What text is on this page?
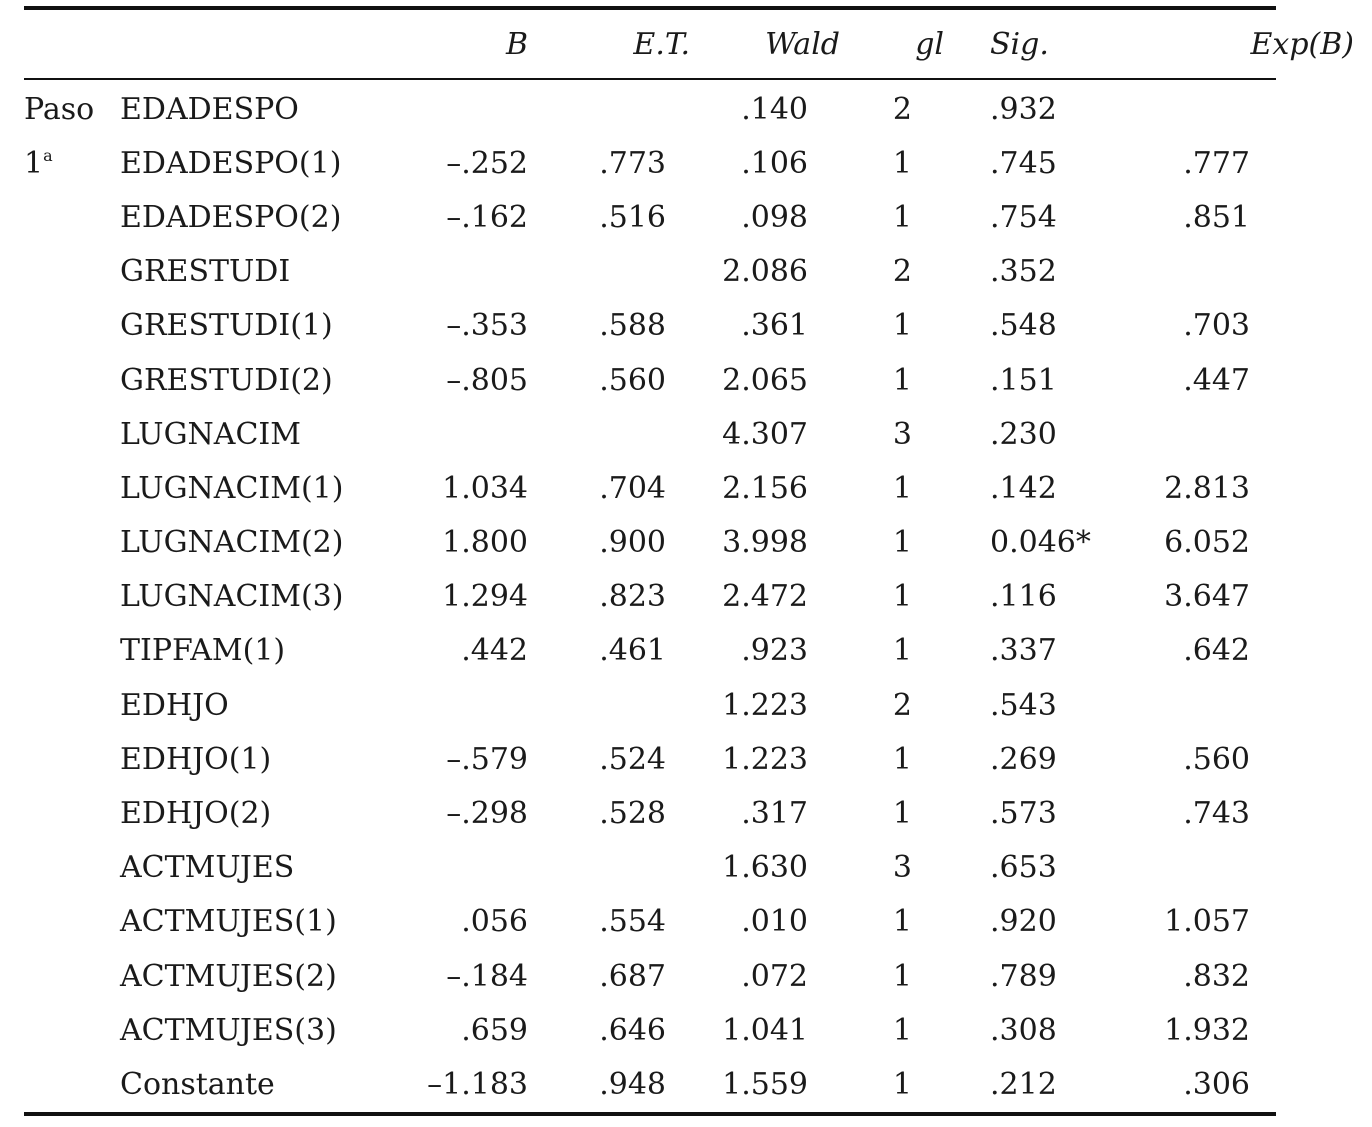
		B	E.T.	Wald	gl	Sig.	Exp(B)
Paso	EDADESPO			.140	2	.932	
1$^a$	EDADESPO(1)	–.252	.773	.106	1	.745	.777
	EDADESPO(2)	–.162	.516	.098	1	.754	.851
	GRESTUDI			2.086	2	.352	
	GRESTUDI(1)	–.353	.588	.361	1	.548	.703
	GRESTUDI(2)	–.805	.560	2.065	1	.151	.447
	LUGNACIM			4.307	3	.230	
	LUGNACIM(1)	1.034	.704	2.156	1	.142	2.813
	LUGNACIM(2)	1.800	.900	3.998	1	0.046*	6.052
	LUGNACIM(3)	1.294	.823	2.472	1	.116	3.647
	TIPFAM(1)	.442	.461	.923	1	.337	.642
	EDHJO			1.223	2	.543	
	EDHJO(1)	–.579	.524	1.223	1	.269	.560
	EDHJO(2)	–.298	.528	.317	1	.573	.743
	ACTMUJES			1.630	3	.653	
	ACTMUJES(1)	.056	.554	.010	1	.920	1.057
	ACTMUJES(2)	–.184	.687	.072	1	.789	.832
	ACTMUJES(3)	.659	.646	1.041	1	.308	1.932
	Constante	–1.183	.948	1.559	1	.212	.306
